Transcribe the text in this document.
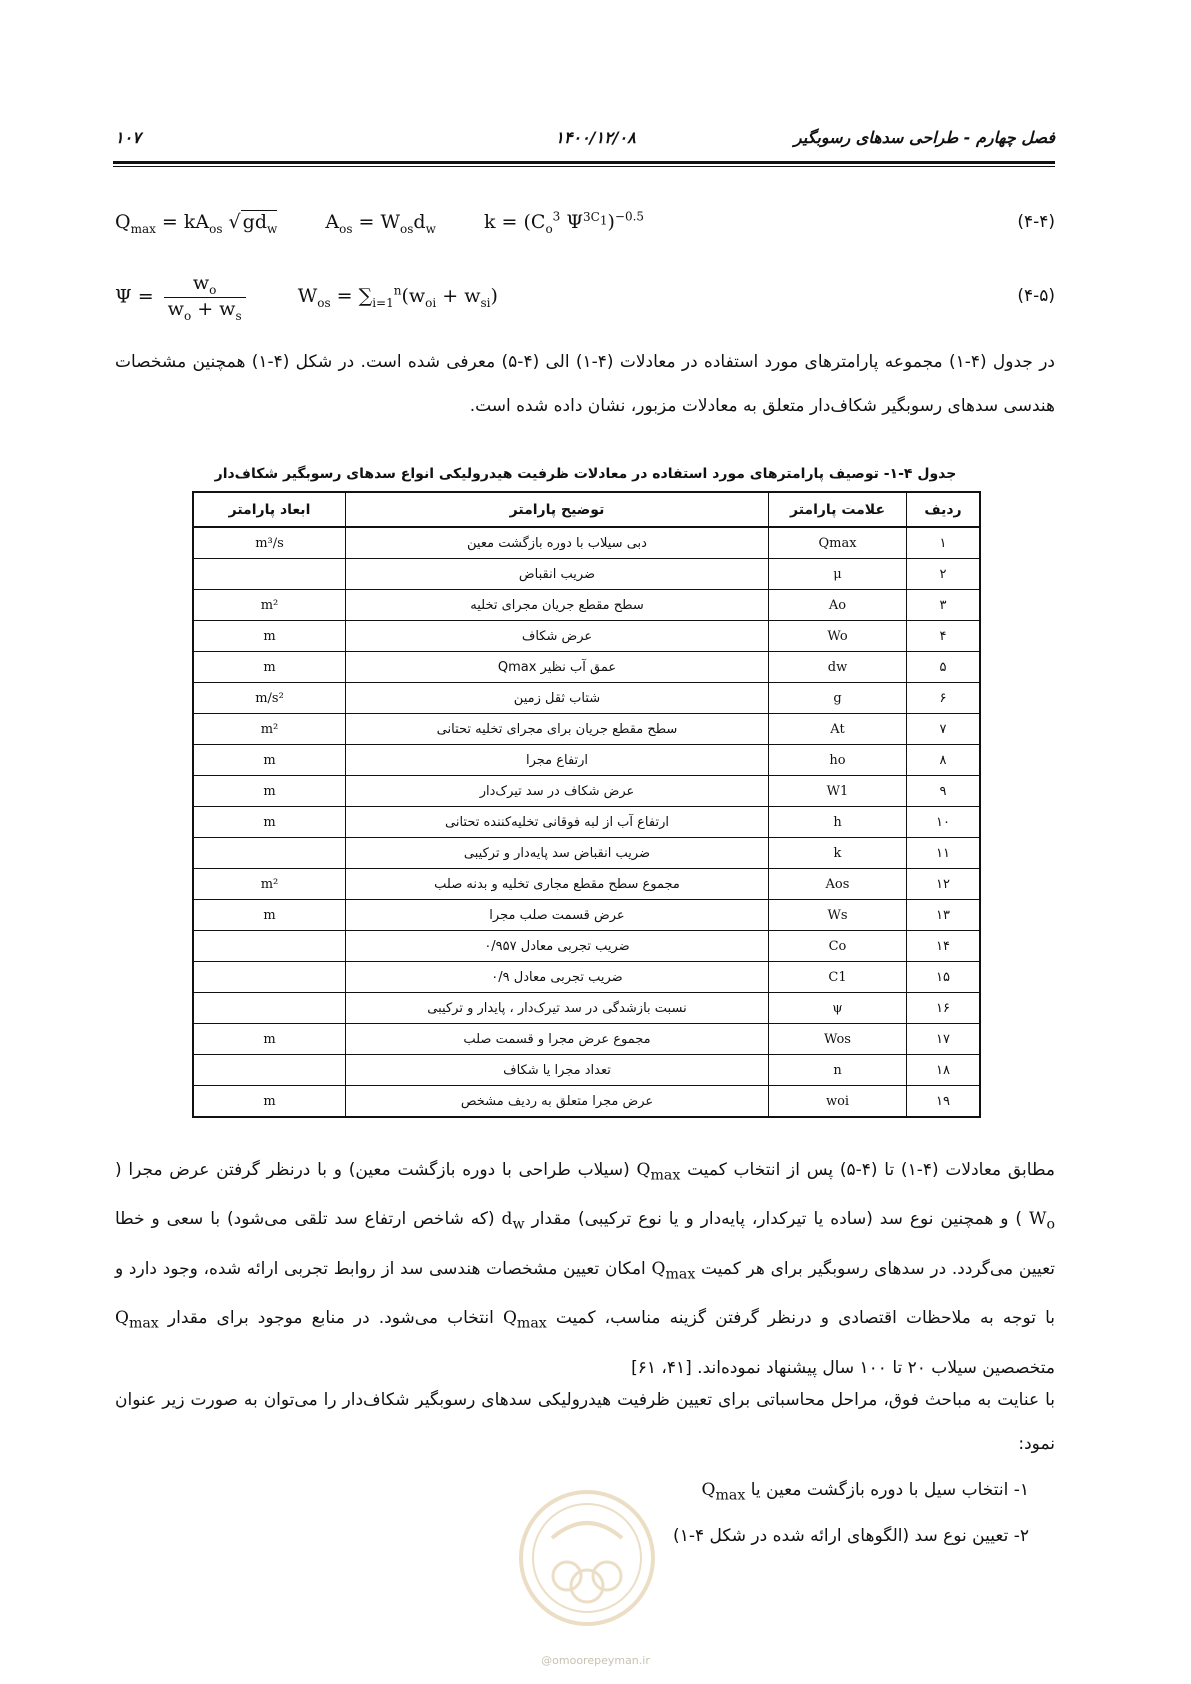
فصل چهارم - طراحی سدهای رسوبگیر
۱۴۰۰/۱۲/۰۸
۱۰۷
$Q_{max} = kA_{os}$ √ $gd_w$	$A_{os} = W_{os}d_w$	$k = (C_o^3$ $\Psi^{3C_1})^{-0.5}$	(۴-۴)
$\Psi = \frac{w_o}{w_o + w_s}$	$W_{os} = \sum_{i=1}^n(w_{oi} + w_{si})$	(۴-۵)
در جدول (۴-۱) مجموعه پارامترهای مورد استفاده در معادلات (۴-۱) الی (۴-۵) معرفی شده است. در شکل (۴-۱) همچنین مشخصات هندسی سدهای رسوبگیر شکاف‌دار متعلق به معادلات مزبور، نشان داده شده است.
جدول ۴-۱- توصیف پارامترهای مورد استفاده در معادلات ظرفیت هیدرولیکی انواع سدهای رسوبگیر شکاف‌دار
ردیف	علامت پارامتر	توضیح پارامتر	ابعاد پارامتر
۱	Qmax	دبی سیلاب با دوره بازگشت معین	m³/s
۲	μ	ضریب انقباض	
۳	Ao	سطح مقطع جریان مجرای تخلیه	m²
۴	Wo	عرض شکاف	m
۵	dw	عمق آب نظیر Qmax	m
۶	g	شتاب ثقل زمین	m/s²
۷	At	سطح مقطع جریان برای مجرای تخلیه تحتانی	m²
۸	ho	ارتفاع مجرا	m
۹	W1	عرض شکاف در سد تیرک‌دار	m
۱۰	h	ارتفاع آب از لبه فوقانی تخلیه‌کننده تحتانی	m
۱۱	k	ضریب انقباض سد پایه‌دار و ترکیبی	
۱۲	Aos	مجموع سطح مقطع مجاری تخلیه و بدنه صلب	m²
۱۳	Ws	عرض قسمت صلب مجرا	m
۱۴	Co	ضریب تجربی معادل ۰/۹۵۷	
۱۵	C1	ضریب تجربی معادل ۰/۹	
۱۶	ψ	نسبت بازشدگی در سد تیرک‌دار ، پایدار و ترکیبی	
۱۷	Wos	مجموع عرض مجرا و قسمت صلب	m
۱۸	n	تعداد مجرا یا شکاف	
۱۹	woi	عرض مجرا متعلق به ردیف مشخص	m
مطابق معادلات (۴-۱) تا (۴-۵) پس از انتخاب کمیت $Q_{max}$ (سیلاب طراحی با دوره بازگشت معین) و با درنظر گرفتن عرض مجرا ( $W_o$ ) و همچنین نوع سد (ساده یا تیرکدار، پایه‌دار و یا نوع ترکیبی) مقدار $d_w$ (که شاخص ارتفاع سد تلقی می‌شود) با سعی و خطا تعیین می‌گردد. در سدهای رسوبگیر برای هر کمیت $Q_{max}$ امکان تعیین مشخصات هندسی سد از روابط تجربی ارائه شده، وجود دارد و با توجه به ملاحظات اقتصادی و درنظر گرفتن گزینه مناسب، کمیت $Q_{max}$ انتخاب می‌شود. در منابع موجود برای مقدار $Q_{max}$ متخصصین سیلاب ۲۰ تا ۱۰۰ سال پیشنهاد نموده‌اند. [۴۱، ۶۱]
با عنایت به مباحث فوق، مراحل محاسباتی برای تعیین ظرفیت هیدرولیکی سدهای رسوبگیر شکاف‌دار را می‌توان به صورت زیر عنوان نمود:
۱- انتخاب سیل با دوره بازگشت معین یا $Q_{max}$
۲- تعیین نوع سد (الگوهای ارائه شده در شکل ۴-۱)
@omoorepeyman.ir
